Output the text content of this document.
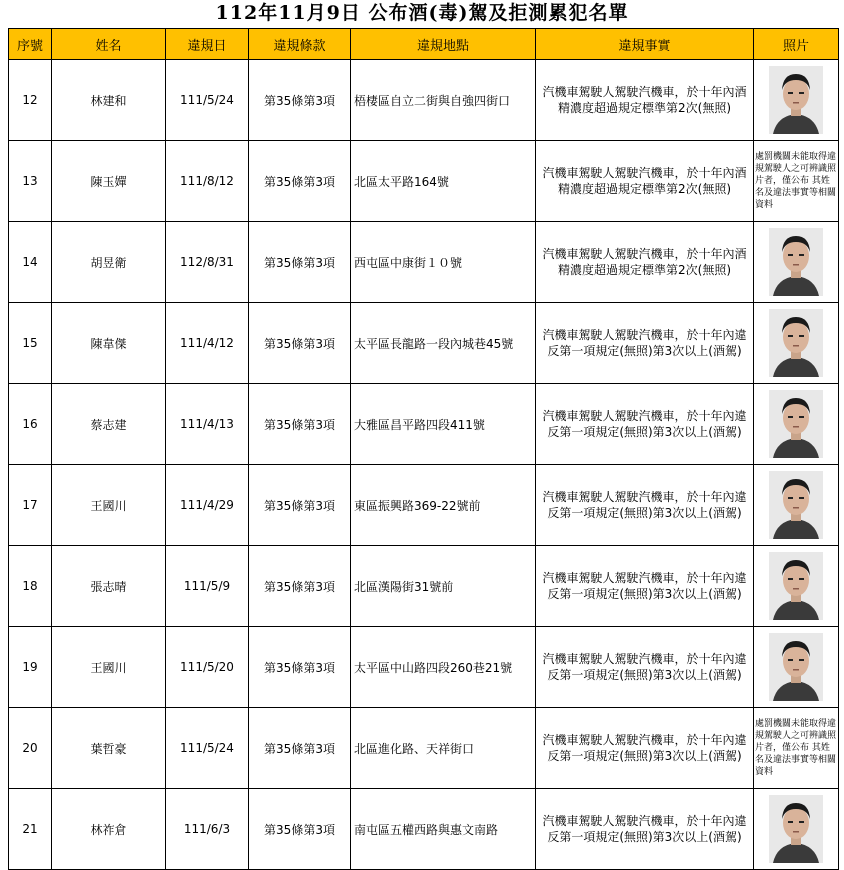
112年11月9日 公布酒(毒)駕及拒測累犯名單
序號	姓名	違規日	違規條款	違規地點	違規事實	照片
12	林建和	111/5/24	第35條第3項	梧棲區自立二街與自強四街口	汽機車駕駛人駕駛汽機車，於十年內酒精濃度超過規定標準第2次(無照)	

13	陳玉嬋	111/8/12	第35條第3項	北區太平路164號	汽機車駕駛人駕駛汽機車，於十年內酒精濃度超過規定標準第2次(無照)	處罰機關未能取得違規駕駛人之可辨識照片者，僅公布 其姓名及違法事實等相關資料

14	胡昱衛	112/8/31	第35條第3項	西屯區中康街１０號	汽機車駕駛人駕駛汽機車，於十年內酒精濃度超過規定標準第2次(無照)	

15	陳韋傑	111/4/12	第35條第3項	太平區長龍路一段內城巷45號	汽機車駕駛人駕駛汽機車，於十年內違反第一項規定(無照)第3次以上(酒駕)	

16	蔡志建	111/4/13	第35條第3項	大雅區昌平路四段411號	汽機車駕駛人駕駛汽機車，於十年內違反第一項規定(無照)第3次以上(酒駕)	

17	王國川	111/4/29	第35條第3項	東區振興路369-22號前	汽機車駕駛人駕駛汽機車，於十年內違反第一項規定(無照)第3次以上(酒駕)	

18	張志晴	111/5/9	第35條第3項	北區漢陽街31號前	汽機車駕駛人駕駛汽機車，於十年內違反第一項規定(無照)第3次以上(酒駕)	

19	王國川	111/5/20	第35條第3項	太平區中山路四段260巷21號	汽機車駕駛人駕駛汽機車，於十年內違反第一項規定(無照)第3次以上(酒駕)	

20	葉哲豪	111/5/24	第35條第3項	北區進化路、天祥街口	汽機車駕駛人駕駛汽機車，於十年內違反第一項規定(無照)第3次以上(酒駕)	處罰機關未能取得違規駕駛人之可辨識照片者，僅公布 其姓名及違法事實等相關資料

21	林祚倉	111/6/3	第35條第3項	南屯區五權西路與惠文南路	汽機車駕駛人駕駛汽機車，於十年內違反第一項規定(無照)第3次以上(酒駕)	
